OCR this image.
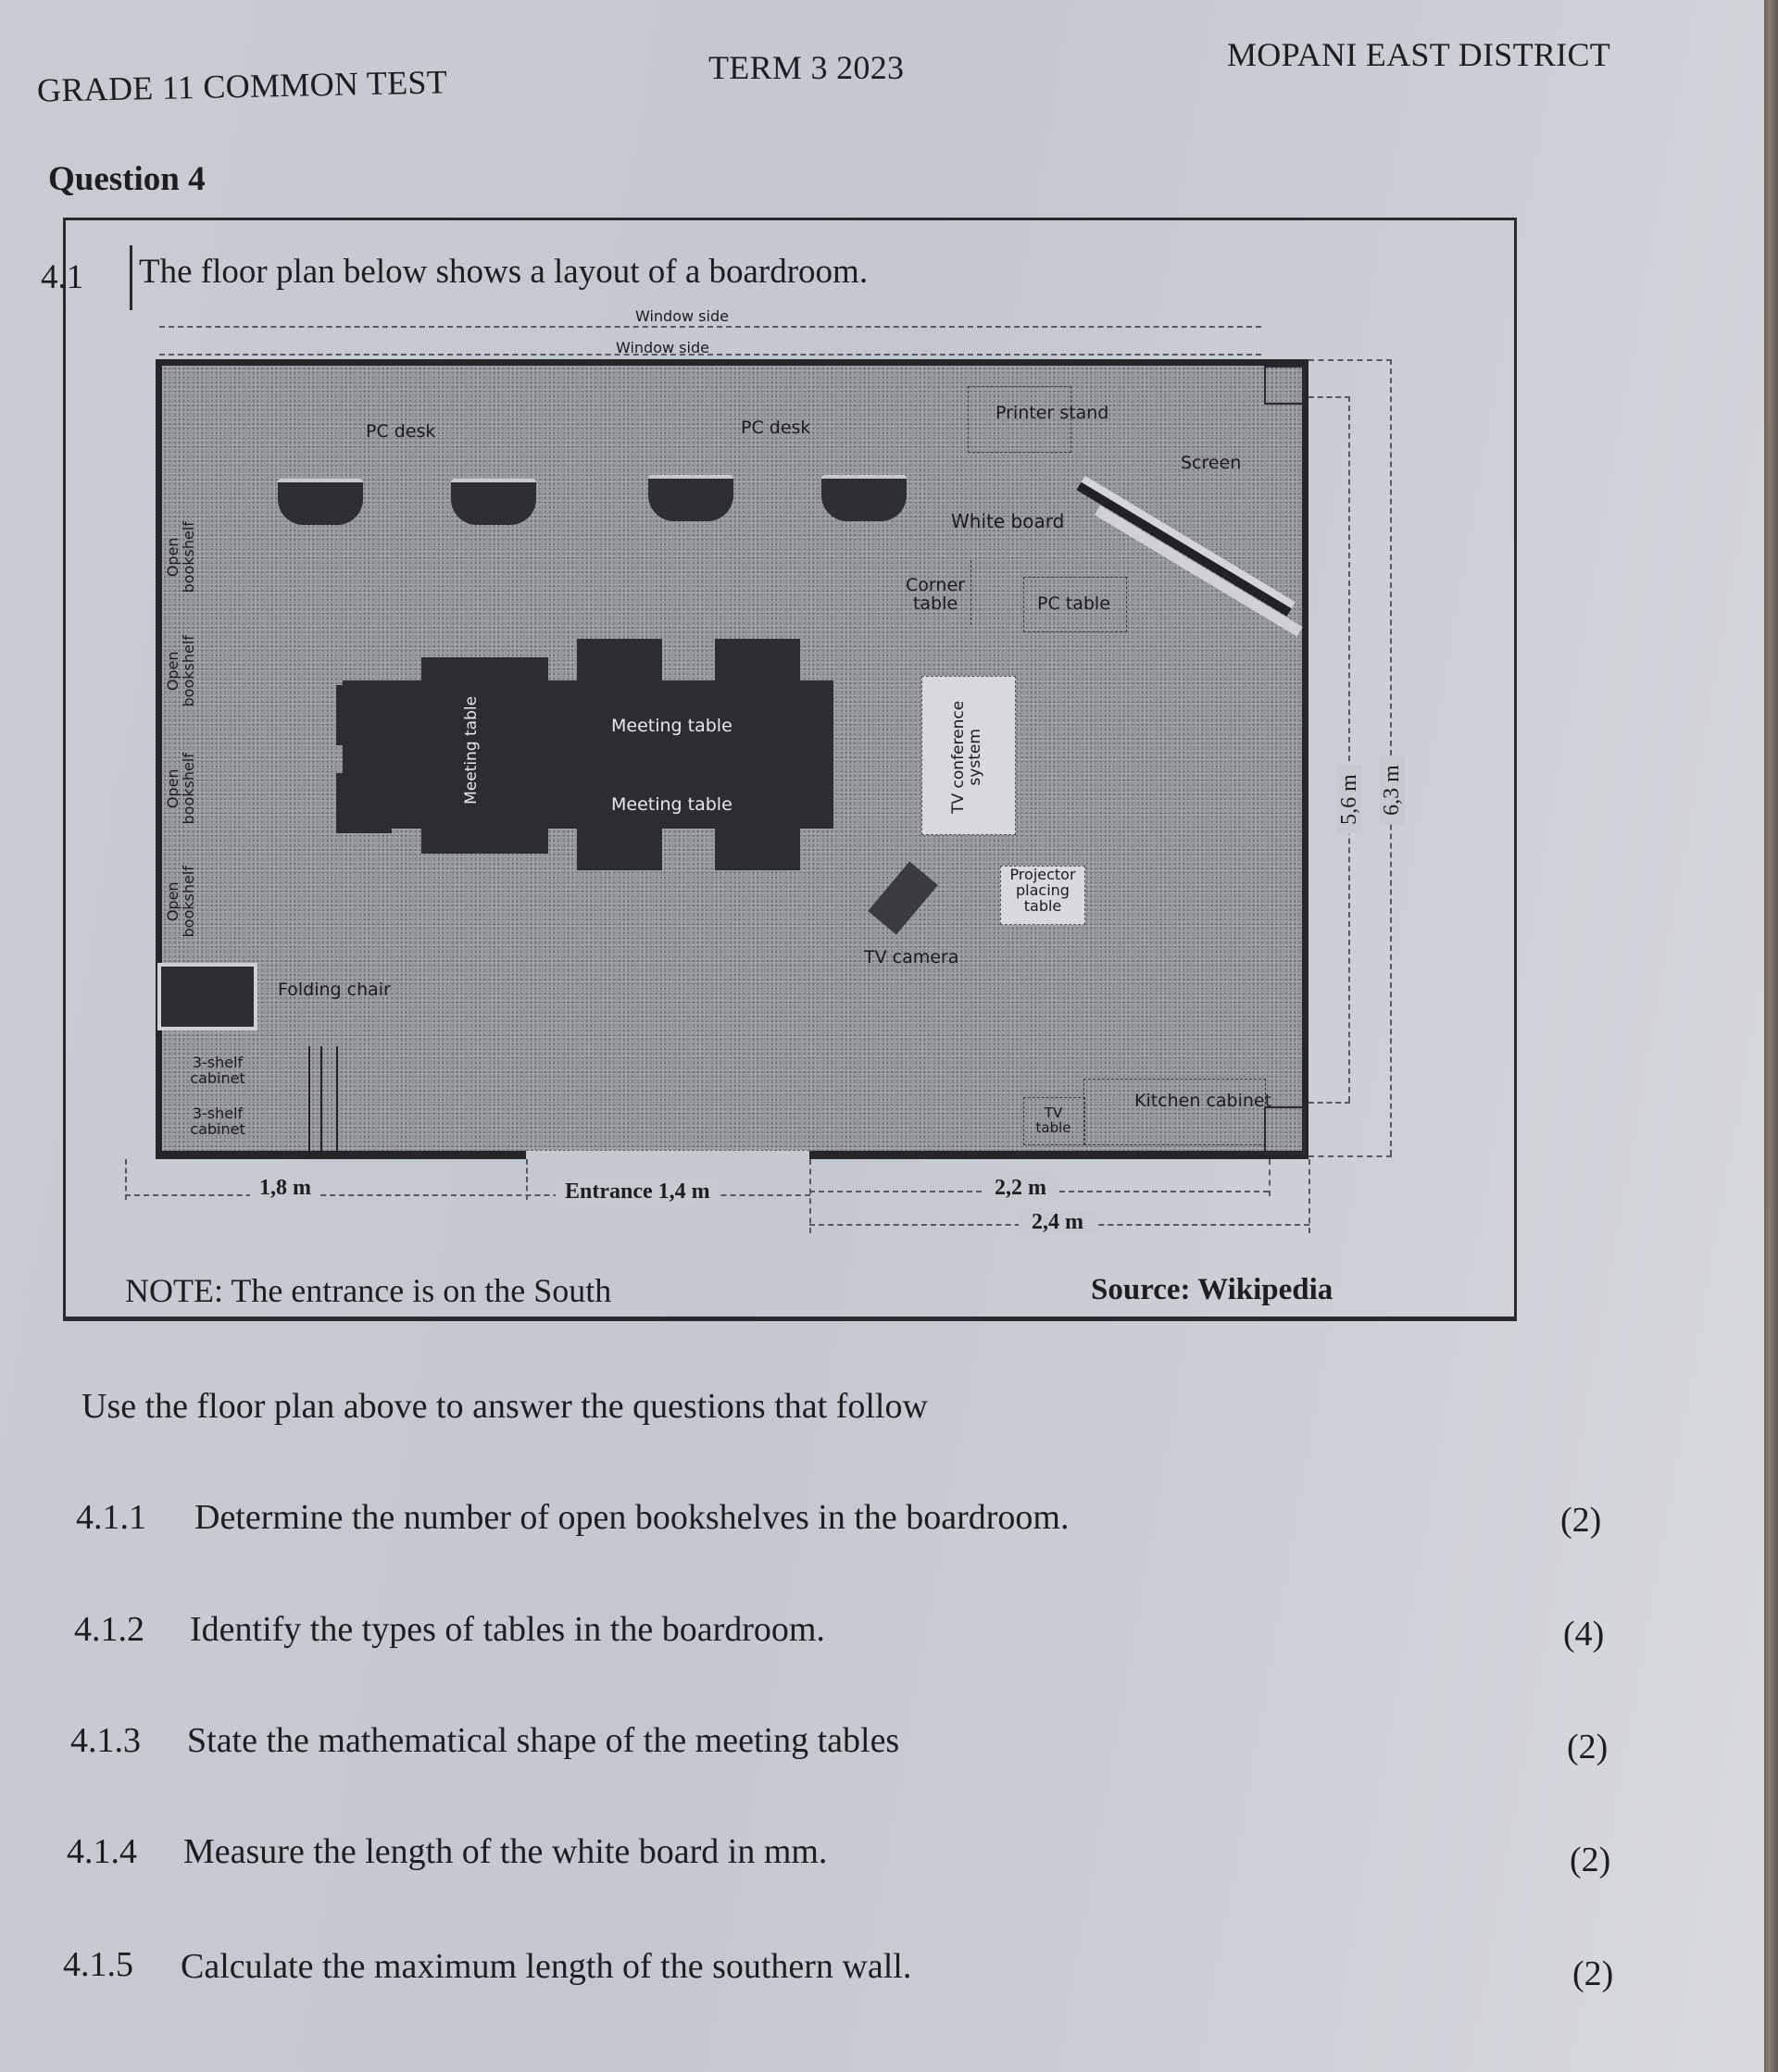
GRADE 11 COMMON TEST	TERM 3 2023	MOPANI EAST DISTRICT
Question 4
4.1 The floor plan below shows a layout of a boardroom.
Window side
Window side
PC desk	PC desk
Printer stand
Screen
White board
Corner table	PC table
Open bookshelf
Open bookshelf
Open bookshelf
Open bookshelf
Meeting table
Meeting table
Meeting table	TV conference system
Projector placing table
TV camera
Folding chair
3-shelf cabinet
3-shelf cabinet
TV table
Kitchen cabinet
1,8 m	Entrance 1,4 m	2,2 m
2,4 m
5,6 m 6,3 m
NOTE: The entrance is on the South	Source: Wikipedia
Use the floor plan above to answer the questions that follow
4.1.1 Determine the number of open bookshelves in the boardroom.	(2)
4.1.2 Identify the types of tables in the boardroom.	(4)
4.1.3 State the mathematical shape of the meeting tables	(2)
4.1.4 Measure the length of the white board in mm.	(2)
4.1.5 Calculate the maximum length of the southern wall.	(2)
